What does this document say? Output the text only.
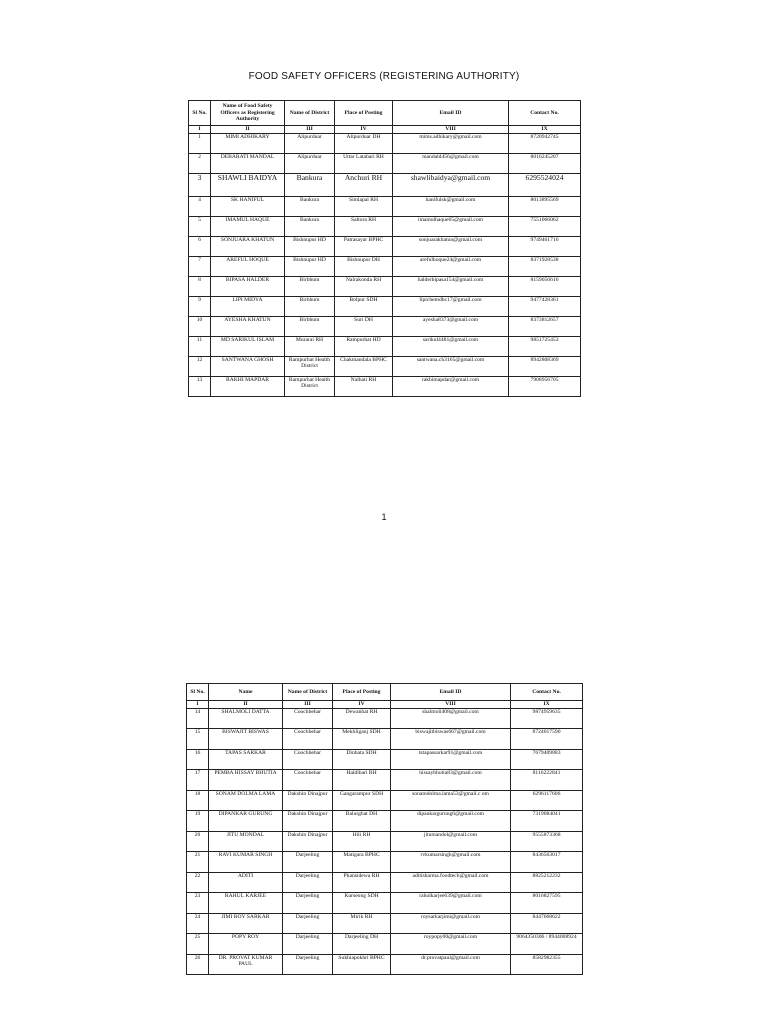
FOOD SAFETY OFFICERS (REGISTERING AUTHORITY)
Sl No.	Name of Food Safety Officers as Registering Authority	Name of District	Place of Posting	Email ID	Contact No.
I	II	III	IV	VIII	IX
1	MIMI ADHIKARY	Alipurduar	Alipurduar DH	mims.adhikary@gmail.com	8720942745
2	DEBARATI MANDAL	Alipurduar	Uttar Latabari RH	mandald456@gmail.com	8016245207
3	SHAWLI BAIDYA	Bankura	Anchuri RH	shawlibaidya@gmail.com	6295524024
4	SK HANIFUL	Bankura	Simlapal RH	hanifulsk@gmail.com	8013895569
5	IMAMUL HAQUE	Bankura	Saltora RH	imamulhaque65@gmail.com	7551066062
6	SONJUARA KHATUN	Bishnupur HD	Patrasayar BPHC	sonjuarakhatun@gmail.com	9749461716
7	AREFUL HOQUE	Bishnupur HD	Bishnupur DH	arefulhoque24@gmail.com	8371928538
8	BIPASA HALDER	Birbhum	Nalrakonda RH	halderbipasa154@gmail.com	8159056616
9	LIPI MIDYA	Birbhum	Bolpur SDH	lipichemdbc17@gmail.com	9477428361
10	AYESHA KHATUN	Birbhum	Suri DH	ayesha8373@gmail.com	8373812657
11	MD SARIKUL ISLAM	Murarai RH	Rampurhat HD	sarikul4481@gmail.com	9851725453
12	SANTWANA GHOSH	Rampurhat Health District	Chakmandala BPHC	santwana.ch3165@gmail.com	8942808369
13	RAKHI MAPDAR	Rampurhat Health District	Nalhati RH	rakhimapdar@gmail.com	7908956705
1
Sl No.	Name	Name of District	Place of Posting	Email ID	Contact No.
I	II	III	IV	VIII	IX
14	SHALMOLI DATTA	Coochbehar	Dewanhat RH	shalmoli408@gmail.com	9874959635
15	BISWAJIT BISWAS	Coochbehar	Mekhliganj SDH	biswajitbiswas667@gmail.com	8724017590
16	TAPAS SARKAR	Coochbehar	Dinhata SDH	tstapassarkar91@gmail.com	7679409883
17	PEMBA HISSAY BHUTIA	Coochbehar	Haldibari RH	hissaybhutia83@gmail.com	8116222841
18	SONAM DOLMA LAMA	Dakshin Dinajpur	Gangarampur SDH	sonamdolma.lama53@gmail.c om	6296117606
19	DIPANKAR GURUNG	Dakshin Dinajpur	Balurghat DH	dipankargurung6@gmail.com	7319084041
20	JITU MONDAL	Dakshin Dinajpur	Hili RH	jitumandol@gmail.com	9555873368
21	RAVI KUMAR SINGH	Darjeeling	Matigara BPHC	rvkumarsingh@gmail.com	8436563017
22	ADITI	Darjeeling	Phansidewa RH	aditisharma.foodtech@gmail.com	8825212232
23	RAHUL KARJEE	Darjeeling	Kurseong SDH	rahulkarjee639@gmail.com	8016827595
24	JIMI ROY SARKAR	Darjeeling	Mirik RH	roysarkarjimi@gmail.com	8447668622
25	POPY ROY	Darjeeling	Darjeeling DH	roypopy00@gmail.com	9064350306 / 8944008924
26	DR. PROVAT KUMAR PAUL	Darjeeling	Sukhiapokhri BPHC	dr.provatpaul@gmail.com	8582982355
